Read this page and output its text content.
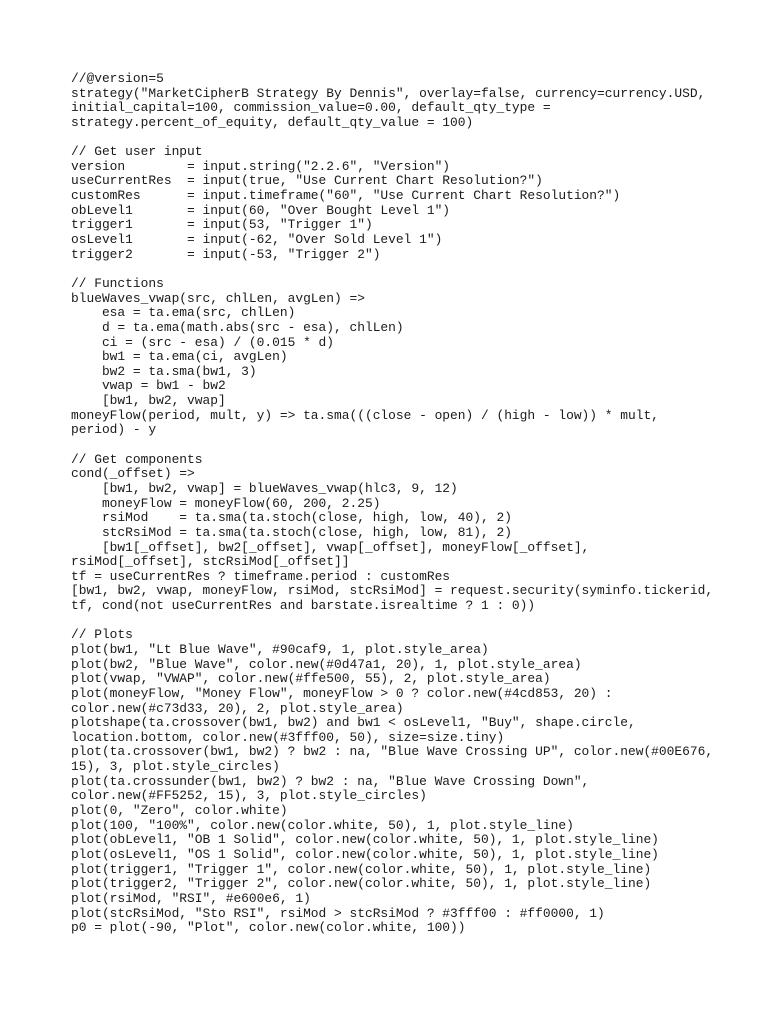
//@version=5
strategy("MarketCipherB Strategy By Dennis", overlay=false, currency=currency.USD,
initial_capital=100, commission_value=0.00, default_qty_type =
strategy.percent_of_equity, default_qty_value = 100)
// Get user input
version        = input.string("2.2.6", "Version")
useCurrentRes  = input(true, "Use Current Chart Resolution?")
customRes      = input.timeframe("60", "Use Current Chart Resolution?")
obLevel1       = input(60, "Over Bought Level 1")
trigger1       = input(53, "Trigger 1")
osLevel1       = input(-62, "Over Sold Level 1")
trigger2       = input(-53, "Trigger 2")
// Functions
blueWaves_vwap(src, chlLen, avgLen) =>
esa = ta.ema(src, chlLen)
d = ta.ema(math.abs(src - esa), chlLen)
ci = (src - esa) / (0.015 * d)
bw1 = ta.ema(ci, avgLen)
bw2 = ta.sma(bw1, 3)
vwap = bw1 - bw2
[bw1, bw2, vwap]
moneyFlow(period, mult, y) => ta.sma(((close - open) / (high - low)) * mult,
period) - y
// Get components
cond(_offset) =>
[bw1, bw2, vwap] = blueWaves_vwap(hlc3, 9, 12)
moneyFlow = moneyFlow(60, 200, 2.25)
rsiMod    = ta.sma(ta.stoch(close, high, low, 40), 2)
stcRsiMod = ta.sma(ta.stoch(close, high, low, 81), 2)
[bw1[_offset], bw2[_offset], vwap[_offset], moneyFlow[_offset],
rsiMod[_offset], stcRsiMod[_offset]]
tf = useCurrentRes ? timeframe.period : customRes
[bw1, bw2, vwap, moneyFlow, rsiMod, stcRsiMod] = request.security(syminfo.tickerid,
tf, cond(not useCurrentRes and barstate.isrealtime ? 1 : 0))
// Plots
plot(bw1, "Lt Blue Wave", #90caf9, 1, plot.style_area)
plot(bw2, "Blue Wave", color.new(#0d47a1, 20), 1, plot.style_area)
plot(vwap, "VWAP", color.new(#ffe500, 55), 2, plot.style_area)
plot(moneyFlow, "Money Flow", moneyFlow > 0 ? color.new(#4cd853, 20) :
color.new(#c73d33, 20), 2, plot.style_area)
plotshape(ta.crossover(bw1, bw2) and bw1 < osLevel1, "Buy", shape.circle,
location.bottom, color.new(#3fff00, 50), size=size.tiny)
plot(ta.crossover(bw1, bw2) ? bw2 : na, "Blue Wave Crossing UP", color.new(#00E676,
15), 3, plot.style_circles)
plot(ta.crossunder(bw1, bw2) ? bw2 : na, "Blue Wave Crossing Down",
color.new(#FF5252, 15), 3, plot.style_circles)
plot(0, "Zero", color.white)
plot(100, "100%", color.new(color.white, 50), 1, plot.style_line)
plot(obLevel1, "OB 1 Solid", color.new(color.white, 50), 1, plot.style_line)
plot(osLevel1, "OS 1 Solid", color.new(color.white, 50), 1, plot.style_line)
plot(trigger1, "Trigger 1", color.new(color.white, 50), 1, plot.style_line)
plot(trigger2, "Trigger 2", color.new(color.white, 50), 1, plot.style_line)
plot(rsiMod, "RSI", #e600e6, 1)
plot(stcRsiMod, "Sto RSI", rsiMod > stcRsiMod ? #3fff00 : #ff0000, 1)
p0 = plot(-90, "Plot", color.new(color.white, 100))
